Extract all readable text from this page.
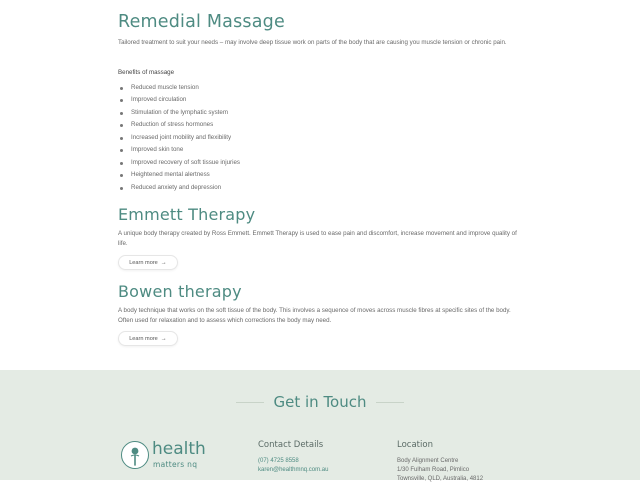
Remedial Massage

Tailored treatment to suit your needs – may involve deep tissue work on parts of the body that are causing you muscle tension or chronic pain.

Benefits of massage

Reduced muscle tension
Improved circulation
Stimulation of the lymphatic system
Reduction of stress hormones
Increased joint mobility and flexibility
Improved skin tone
Improved recovery of soft tissue injuries
Heightened mental alertness
Reduced anxiety and depression
Emmett Therapy

A unique body therapy created by Ross Emmett. Emmett Therapy is used to ease pain and discomfort, increase movement and improve quality of life.

Learn more →
Bowen therapy

A body technique that works on the soft tissue of the body. This involves a sequence of moves across muscle fibres at specific sites of the body. Often used for relaxation and to assess which corrections the body may need.

Learn more →
Get in Touch
health
matters nq
Contact Details
(07) 4725 8558
karen@healthmnq.com.au
Location
Body Alignment Centre
1/30 Fulham Road, Pimlico
Townsville, QLD, Australia, 4812
